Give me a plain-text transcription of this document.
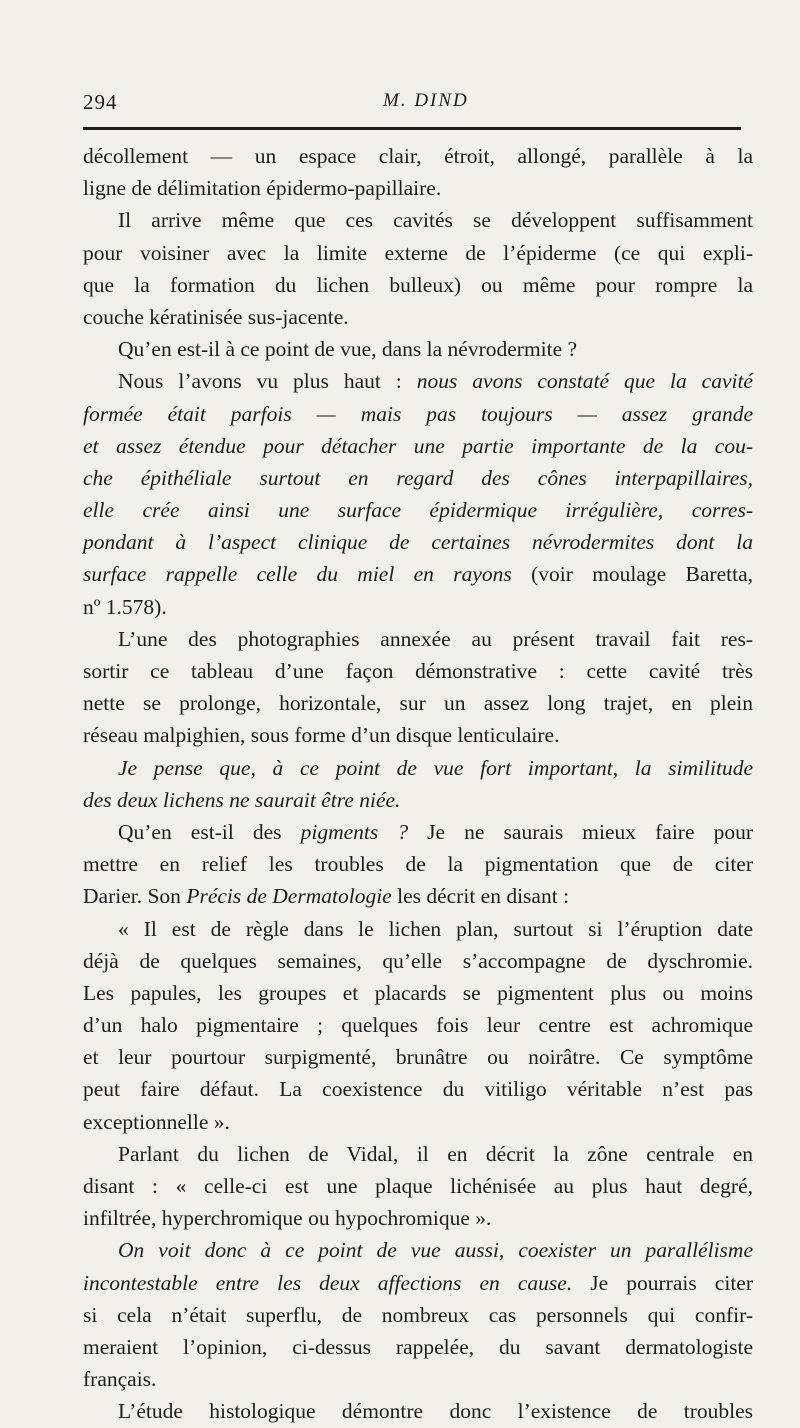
294	M. DIND
décollement — un espace clair, étroit, allongé, parallèle à la
ligne de délimitation épidermo-papillaire.
Il arrive même que ces cavités se développent suffisamment
pour voisiner avec la limite externe de l’épiderme (ce qui expli-
que la formation du lichen bulleux) ou même pour rompre la
couche kératinisée sus-jacente.
Qu’en est-il à ce point de vue, dans la névrodermite ?
Nous l’avons vu plus haut : nous avons constaté que la cavité
formée était parfois — mais pas toujours — assez grande
et assez étendue pour détacher une partie importante de la cou-
che épithéliale surtout en regard des cônes interpapillaires,
elle crée ainsi une surface épidermique irrégulière, corres-
pondant à l’aspect clinique de certaines névrodermites dont la
surface rappelle celle du miel en rayons (voir moulage Baretta,
nº 1.578).
L’une des photographies annexée au présent travail fait res-
sortir ce tableau d’une façon démonstrative : cette cavité très
nette se prolonge, horizontale, sur un assez long trajet, en plein
réseau malpighien, sous forme d’un disque lenticulaire.
Je pense que, à ce point de vue fort important, la similitude
des deux lichens ne saurait être niée.
Qu’en est-il des pigments ? Je ne saurais mieux faire pour
mettre en relief les troubles de la pigmentation que de citer
Darier. Son Précis de Dermatologie les décrit en disant :
« Il est de règle dans le lichen plan, surtout si l’éruption date
déjà de quelques semaines, qu’elle s’accompagne de dyschromie.
Les papules, les groupes et placards se pigmentent plus ou moins
d’un halo pigmentaire ; quelques fois leur centre est achromique
et leur pourtour surpigmenté, brunâtre ou noirâtre. Ce symptôme
peut faire défaut. La coexistence du vitiligo véritable n’est pas
exceptionnelle ».
Parlant du lichen de Vidal, il en décrit la zône centrale en
disant : « celle-ci est une plaque lichénisée au plus haut degré,
infiltrée, hyperchromique ou hypochromique ».
On voit donc à ce point de vue aussi, coexister un parallélisme
incontestable entre les deux affections en cause. Je pourrais citer
si cela n’était superflu, de nombreux cas personnels qui confir-
meraient l’opinion, ci-dessus rappelée, du savant dermatologiste
français.
L’étude histologique démontre donc l’existence de troubles
